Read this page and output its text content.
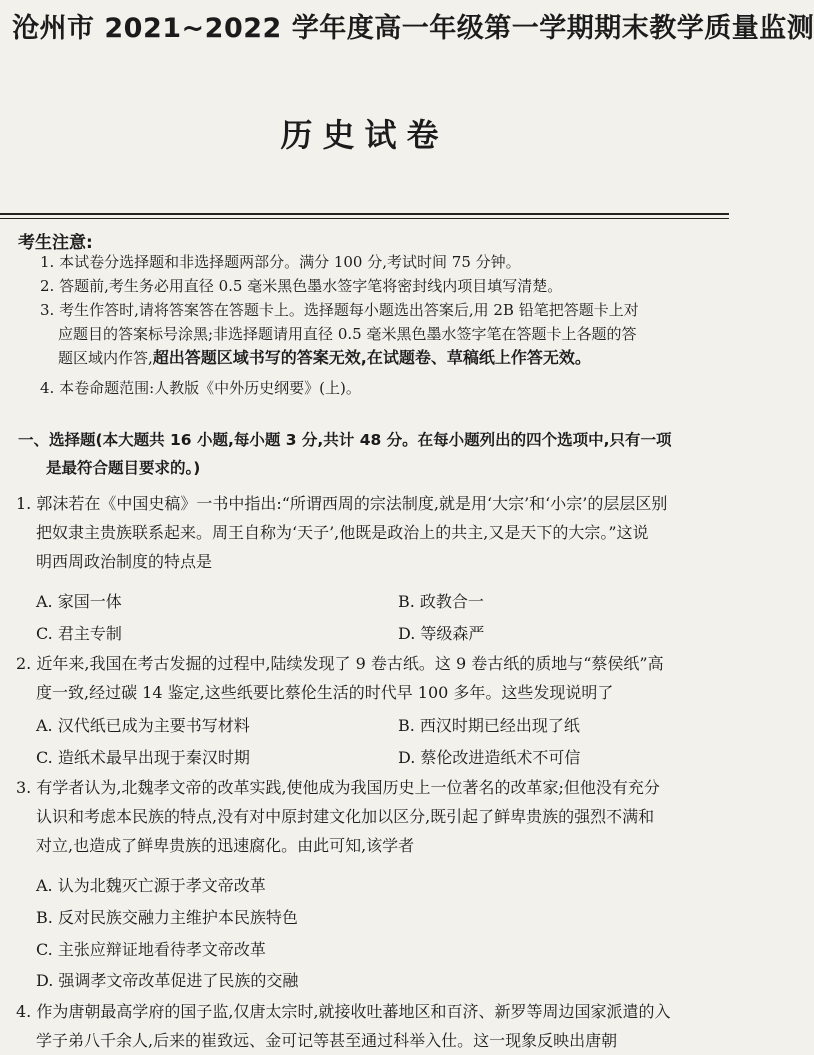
沧州市 2021~2022 学年度高一年级第一学期期末教学质量监测
历史试卷
考生注意:
1. 本试卷分选择题和非选择题两部分。满分 100 分,考试时间 75 分钟。
2. 答题前,考生务必用直径 0.5 毫米黑色墨水签字笔将密封线内项目填写清楚。
3. 考生作答时,请将答案答在答题卡上。选择题每小题选出答案后,用 2B 铅笔把答题卡上对
应题目的答案标号涂黑;非选择题请用直径 0.5 毫米黑色墨水签字笔在答题卡上各题的答
题区域内作答,超出答题区域书写的答案无效,在试题卷、草稿纸上作答无效。
4. 本卷命题范围:人教版《中外历史纲要》(上)。
一、选择题(本大题共 16 小题,每小题 3 分,共计 48 分。在每小题列出的四个选项中,只有一项
是最符合题目要求的。)
1. 郭沫若在《中国史稿》一书中指出:“所谓西周的宗法制度,就是用‘大宗’和‘小宗’的层层区别
把奴隶主贵族联系起来。周王自称为‘天子’,他既是政治上的共主,又是天下的大宗。”这说
明西周政治制度的特点是
A. 家国一体	B. 政教合一
C. 君主专制	D. 等级森严
2. 近年来,我国在考古发掘的过程中,陆续发现了 9 卷古纸。这 9 卷古纸的质地与“蔡侯纸”高
度一致,经过碳 14 鉴定,这些纸要比蔡伦生活的时代早 100 多年。这些发现说明了
A. 汉代纸已成为主要书写材料	B. 西汉时期已经出现了纸
C. 造纸术最早出现于秦汉时期	D. 蔡伦改进造纸术不可信
3. 有学者认为,北魏孝文帝的改革实践,使他成为我国历史上一位著名的改革家;但他没有充分
认识和考虑本民族的特点,没有对中原封建文化加以区分,既引起了鲜卑贵族的强烈不满和
对立,也造成了鲜卑贵族的迅速腐化。由此可知,该学者
A. 认为北魏灭亡源于孝文帝改革
B. 反对民族交融力主维护本民族特色
C. 主张应辩证地看待孝文帝改革
D. 强调孝文帝改革促进了民族的交融
4. 作为唐朝最高学府的国子监,仅唐太宗时,就接收吐蕃地区和百济、新罗等周边国家派遣的入
学子弟八千余人,后来的崔致远、金可记等甚至通过科举入仕。这一现象反映出唐朝
